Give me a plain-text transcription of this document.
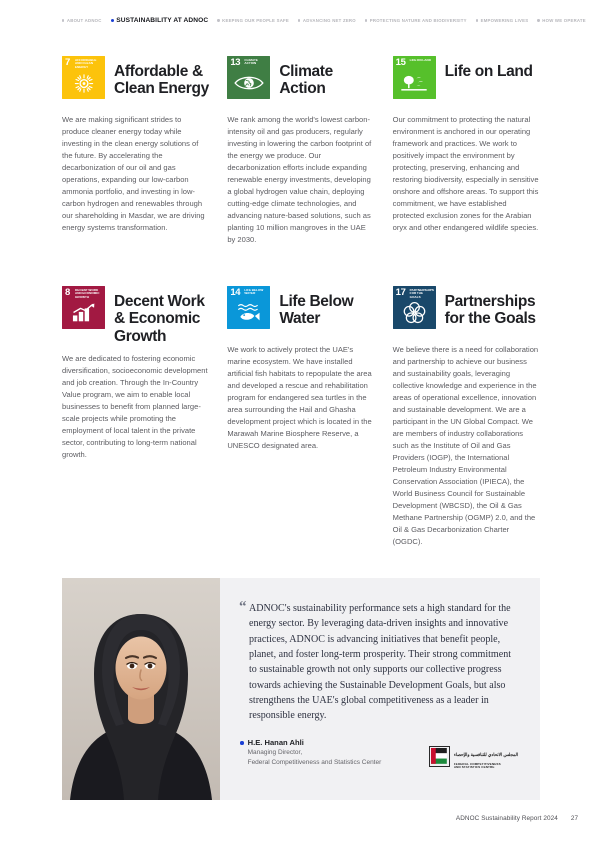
ABOUT ADNOC SUSTAINABILITY AT ADNOC	KEEPING OUR PEOPLE SAFE	ADVANCING NET ZERO	PROTECTING NATURE AND BIODIVERSITY	EMPOWERING LIVES	HOW WE OPERATE
7 AFFORDABLE AND CLEAN ENERGY	Affordable & Clean Energy

We are making significant strides to produce cleaner energy today while investing in the clean energy solutions of the future. By accelerating the decarbonization of our oil and gas operations, expanding our low-carbon ammonia portfolio, and investing in low-carbon hydrogen and renewables through our shareholding in Masdar, we are driving energy systems transformation.

13 CLIMATE ACTION	Climate Action

We rank among the world's lowest carbon-intensity oil and gas producers, regularly investing in lowering the carbon footprint of the energy we produce. Our decarbonization efforts include expanding renewable energy investments, developing a global hydrogen value chain, deploying cutting-edge climate technologies, and advancing nature-based solutions, such as planting 10 million mangroves in the UAE by 2030.

15 LIFE ON LAND
Life on Land

Our commitment to protecting the natural environment is anchored in our operating framework and practices. We work to positively impact the environment by protecting, preserving, enhancing and restoring biodiversity, especially in sensitive onshore and offshore areas. To support this commitment, we have established protected exclusion zones for the Arabian oryx and other endangered wildlife species.

8 DECENT WORK AND ECONOMIC GROWTH	Decent Work & Economic Growth

We are dedicated to fostering economic diversification, socioeconomic development and job creation. Through the In-Country Value program, we aim to enable local businesses to benefit from planned large-scale projects while promoting the employment of local talent in the private sector, contributing to long-term national growth.

14 LIFE BELOW WATER	Life Below Water

We work to actively protect the UAE's marine ecosystem. We have installed artificial fish habitats to repopulate the area and developed a rescue and rehabilitation program for endangered sea turtles in the area surrounding the Hail and Ghasha development project which is located in the Marawah Marine Biosphere Reserve, a UNESCO designated area.

17 PARTNERSHIPS FOR THE GOALS	Partnerships for the Goals

We believe there is a need for collaboration and partnership to achieve our business and sustainability goals, leveraging collective knowledge and experience in the areas of operational excellence, innovation and sustainable development. We are a participant in the UN Global Compact. We are members of industry collaborations such as the Institute of Oil and Gas Providers (IOGP), the International Petroleum Industry Environmental Conservation Association (IPIECA), the World Business Council for Sustainable Development (WBCSD), the Oil & Gas Methane Partnership (OGMP) 2.0, and the Oil & Gas Decarbonization Charter (OGDC).

“ ADNOC's sustainability performance sets a high standard for the energy sector. By leveraging data-driven insights and innovative practices, ADNOC is advancing initiatives that benefit people, planet, and foster long-term prosperity. Their strong commitment to sustainable growth not only supports our collective progress towards achieving the Sustainable Development Goals, but also strengthens the UAE's global competitiveness as a leader in responsible energy.
H.E. Hanan Ahli
Managing Director,
Federal Competitiveness and Statistics Center
المجلس الاتحادي للتنافسية والإحصاء
FEDERAL COMPETITIVENESS
AND STATISTICS CENTRE
ADNOC Sustainability Report 2024 27
